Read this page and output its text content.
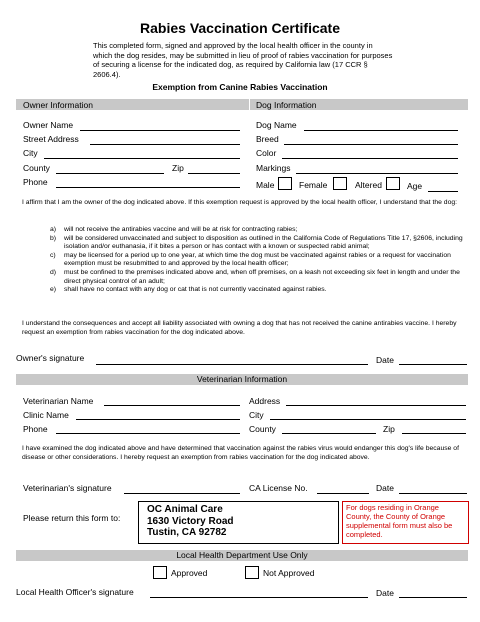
Rabies Vaccination Certificate
This completed form, signed and approved by the local health officer in the county in which the dog resides, may be submitted in lieu of proof of rabies vaccination for purposes of securing a license for the indicated dog, as required by California law (17 CCR § 2606.4).
Exemption from Canine Rabies Vaccination
Owner Information	Dog Information
Owner Name
Street Address
City
County	Zip
Phone
Dog Name
Breed
Color
Markings
Male	Female	Altered	Age
I affirm that I am the owner of the dog indicated above. If this exemption request is approved by the local health officer, I understand that the dog:
a) will not receive the antirabies vaccine and will be at risk for contracting rabies;
b) will be considered unvaccinated and subject to disposition as outlined in the California Code of Regulations Title 17, §2606, including isolation and/or euthanasia, if it bites a person or has contact with a known or suspected rabid animal;
c) may be licensed for a period up to one year, at which time the dog must be vaccinated against rabies or a request for vaccination exemption must be resubmitted to and approved by the local health officer;
d) must be confined to the premises indicated above and, when off premises, on a leash not exceeding six feet in length and under the direct physical control of an adult;
e) shall have no contact with any dog or cat that is not currently vaccinated against rabies.
I understand the consequences and accept all liability associated with owning a dog that has not received the canine antirabies vaccine. I hereby request an exemption from rabies vaccination for the dog indicated above.
Owner's signature	Date
Veterinarian Information
Veterinarian Name
Clinic Name
Phone
Address
City
County	Zip
I have examined the dog indicated above and have determined that vaccination against the rabies virus would endanger this dog's life because of disease or other considerations. I hereby request an exemption from rabies vaccination for the dog indicated above.
Veterinarian's signature	CA License No.	Date
Please return this form to:
OC Animal Care
1630 Victory Road
Tustin, CA 92782
For dogs residing in Orange County, the County of Orange supplemental form must also be completed.
Local Health Department Use Only
Approved	Not Approved
Local Health Officer's signature	Date
